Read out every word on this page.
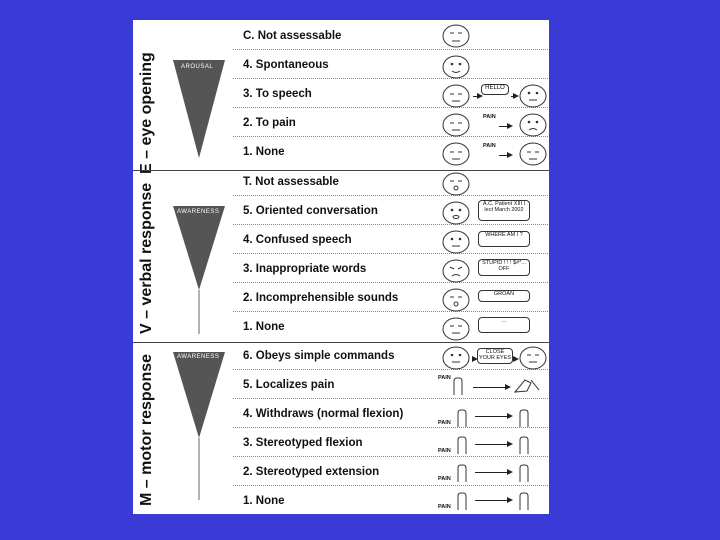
E – eye opening	AROUSAL
C. Not assessable
4. Spontaneous
3. To speech
2. To pain
1. None
V – verbal response	AWARENESS
T. Not assessable
5. Oriented conversation
4. Confused speech
3. Inappropriate words
2. Incomprehensible sounds
1. None
M – motor response	AWARENESS 6. Obeys simple commands
5. Localizes pain
4. Withdraws (normal flexion)
3. Stereotyped flexion
2. Stereotyped extension
1. None
HELLO
PAIN
PAIN
A.C. Patient XIII I lect March 2002
WHERE AM I ?
STUPID ! ! ! $#*... OFF
GROAN
...
CLOSE YOUR EYES
PAIN
PAIN
PAIN
PAIN
PAIN
